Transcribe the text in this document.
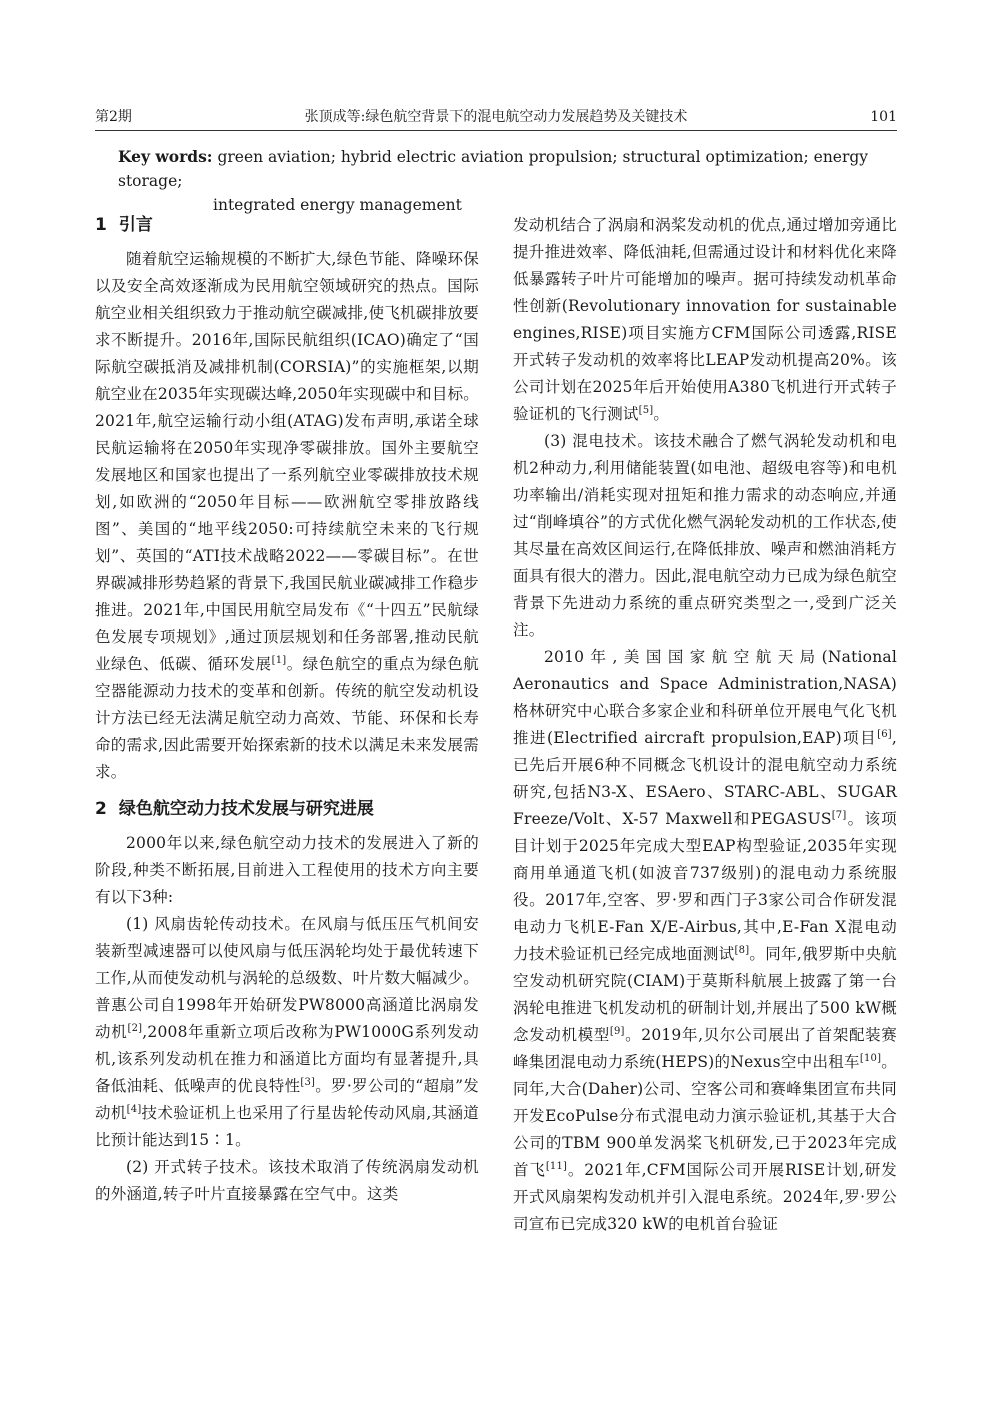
第2期	张顶成等:绿色航空背景下的混电航空动力发展趋势及关键技术	101
Key words: green aviation; hybrid electric aviation propulsion; structural optimization; energy storage;
integrated energy management
1 引言

随着航空运输规模的不断扩大,绿色节能、降噪环保以及安全高效逐渐成为民用航空领域研究的热点。国际航空业相关组织致力于推动航空碳减排,使飞机碳排放要求不断提升。2016年,国际民航组织(ICAO)确定了“国际航空碳抵消及减排机制(CORSIA)”的实施框架,以期航空业在2035年实现碳达峰,2050年实现碳中和目标。2021年,航空运输行动小组(ATAG)发布声明,承诺全球民航运输将在2050年实现净零碳排放。国外主要航空发展地区和国家也提出了一系列航空业零碳排放技术规划,如欧洲的“2050年目标——欧洲航空零排放路线图”、美国的“地平线2050:可持续航空未来的飞行规划”、英国的“ATI技术战略2022——零碳目标”。在世界碳减排形势趋紧的背景下,我国民航业碳减排工作稳步推进。2021年,中国民用航空局发布《“十四五”民航绿色发展专项规划》,通过顶层规划和任务部署,推动民航业绿色、低碳、循环发展[1]。绿色航空的重点为绿色航空器能源动力技术的变革和创新。传统的航空发动机设计方法已经无法满足航空动力高效、节能、环保和长寿命的需求,因此需要开始探索新的技术以满足未来发展需求。

2 绿色航空动力技术发展与研究进展

2000年以来,绿色航空动力技术的发展进入了新的阶段,种类不断拓展,目前进入工程使用的技术方向主要有以下3种:

(1) 风扇齿轮传动技术。在风扇与低压压气机间安装新型减速器可以使风扇与低压涡轮均处于最优转速下工作,从而使发动机与涡轮的总级数、叶片数大幅减少。普惠公司自1998年开始研发PW8000高涵道比涡扇发动机[2],2008年重新立项后改称为PW1000G系列发动机,该系列发动机在推力和涵道比方面均有显著提升,具备低油耗、低噪声的优良特性[3]。罗·罗公司的“超扇”发动机[4]技术验证机上也采用了行星齿轮传动风扇,其涵道比预计能达到15∶1。

(2) 开式转子技术。该技术取消了传统涡扇发动机的外涵道,转子叶片直接暴露在空气中。这类

发动机结合了涡扇和涡桨发动机的优点,通过增加旁通比提升推进效率、降低油耗,但需通过设计和材料优化来降低暴露转子叶片可能增加的噪声。据可持续发动机革命性创新(Revolutionary innovation for sustainable engines,RISE)项目实施方CFM国际公司透露,RISE开式转子发动机的效率将比LEAP发动机提高20%。该公司计划在2025年后开始使用A380飞机进行开式转子验证机的飞行测试[5]。

(3) 混电技术。该技术融合了燃气涡轮发动机和电机2种动力,利用储能装置(如电池、超级电容等)和电机功率输出/消耗实现对扭矩和推力需求的动态响应,并通过“削峰填谷”的方式优化燃气涡轮发动机的工作状态,使其尽量在高效区间运行,在降低排放、噪声和燃油消耗方面具有很大的潜力。因此,混电航空动力已成为绿色航空背景下先进动力系统的重点研究类型之一,受到广泛关注。

2010年,美国国家航空航天局(National Aeronautics and Space Administration,NASA)格林研究中心联合多家企业和科研单位开展电气化飞机推进(Electrified aircraft propulsion,EAP)项目[6],已先后开展6种不同概念飞机设计的混电航空动力系统研究,包括N3-X、ESAero、STARC-ABL、SUGAR Freeze/Volt、X-57 Maxwell和PEGASUS[7]。该项目计划于2025年完成大型EAP构型验证,2035年实现商用单通道飞机(如波音737级别)的混电动力系统服役。2017年,空客、罗·罗和西门子3家公司合作研发混电动力飞机E-Fan X/E-Airbus,其中,E-Fan X混电动力技术验证机已经完成地面测试[8]。同年,俄罗斯中央航空发动机研究院(CIAM)于莫斯科航展上披露了第一台涡轮电推进飞机发动机的研制计划,并展出了500 kW概念发动机模型[9]。2019年,贝尔公司展出了首架配装赛峰集团混电动力系统(HEPS)的Nexus空中出租车[10]。同年,大合(Daher)公司、空客公司和赛峰集团宣布共同开发EcoPulse分布式混电动力演示验证机,其基于大合公司的TBM 900单发涡桨飞机研发,已于2023年完成首飞[11]。2021年,CFM国际公司开展RISE计划,研发开式风扇架构发动机并引入混电系统。2024年,罗·罗公司宣布已完成320 kW的电机首台验证
